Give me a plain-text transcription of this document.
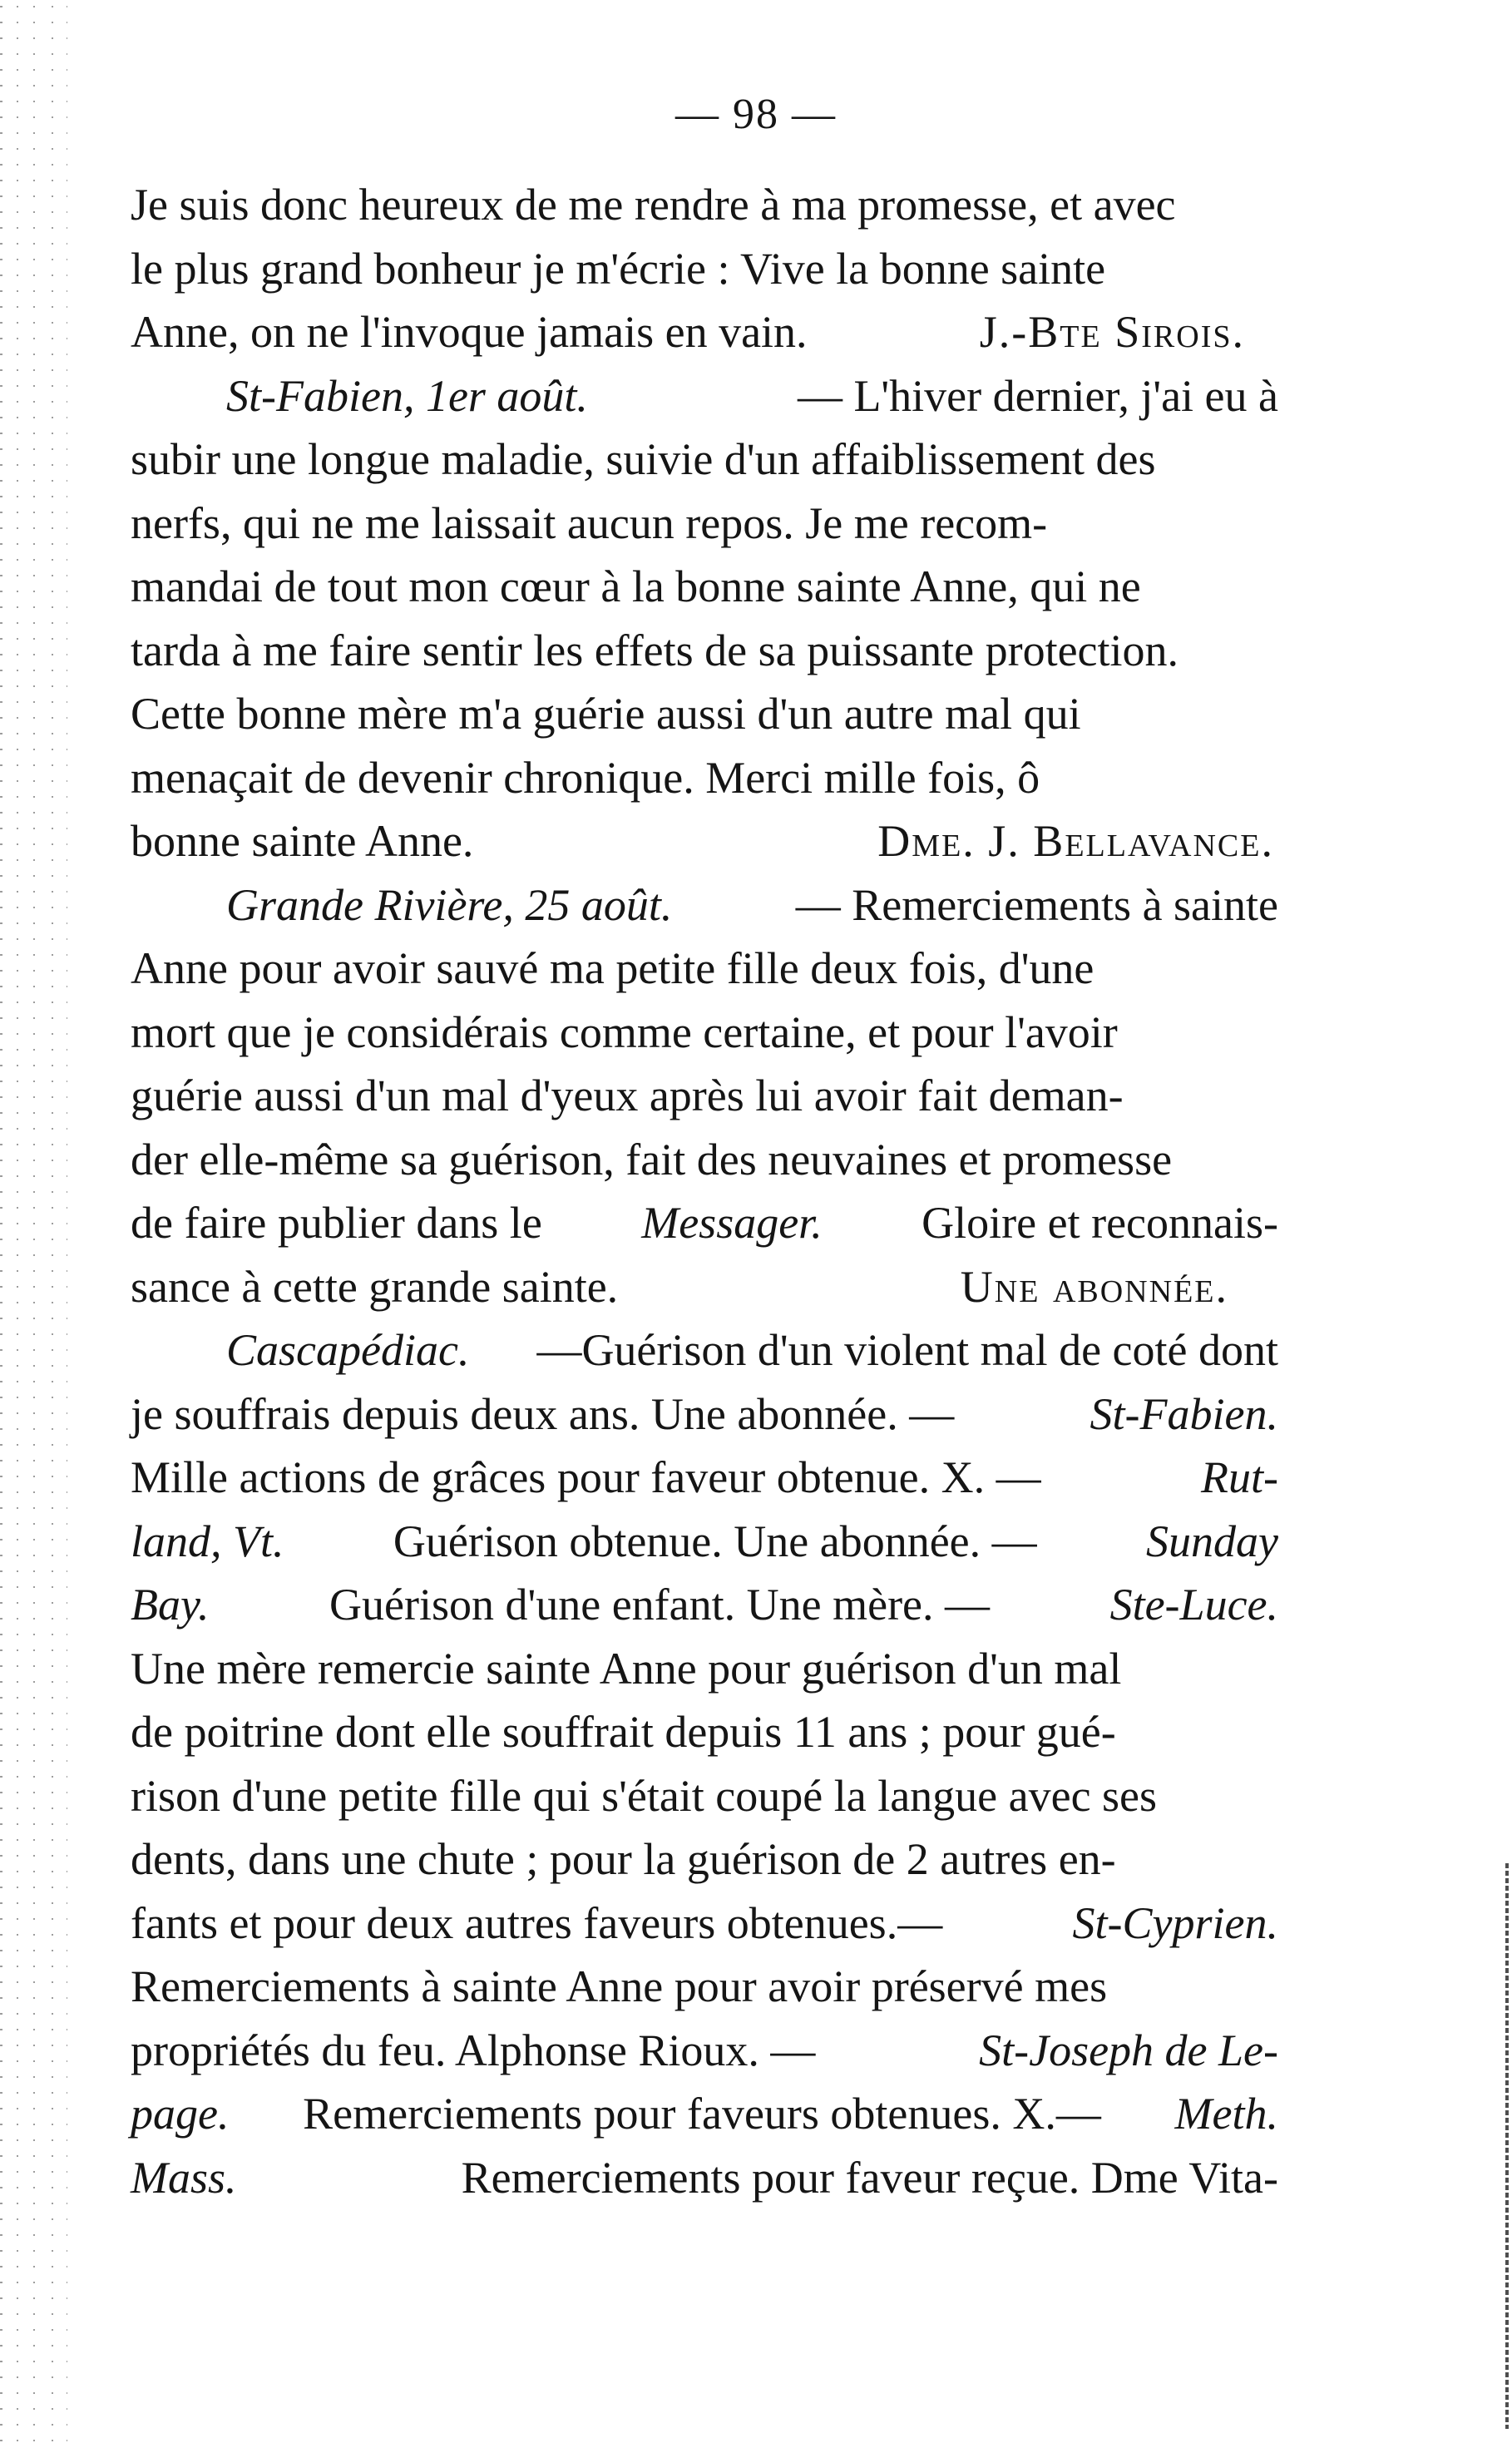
— 98 —
Je suis donc heureux de me rendre à ma promesse, et avec
le plus grand bonheur je m'écrie : Vive la bonne sainte
Anne, on ne l'invoque jamais en vain.	J.-Bte Sirois.
St-Fabien, 1er août.	— L'hiver dernier, j'ai eu à
subir une longue maladie, suivie d'un affaiblissement des
nerfs, qui ne me laissait aucun repos. Je me recom-
mandai de tout mon cœur à la bonne sainte Anne, qui ne
tarda à me faire sentir les effets de sa puissante protection.
Cette bonne mère m'a guérie aussi d'un autre mal qui
menaçait de devenir chronique. Merci mille fois, ô
bonne sainte Anne.	Dme. J. Bellavance.
Grande Rivière, 25 août.	— Remerciements à sainte
Anne pour avoir sauvé ma petite fille deux fois, d'une
mort que je considérais comme certaine, et pour l'avoir
guérie aussi d'un mal d'yeux après lui avoir fait deman-
der elle-même sa guérison, fait des neuvaines et promesse
de faire publier dans le Messager. Gloire et reconnais-
sance à cette grande sainte.	Une abonnée.
Cascapédiac. —Guérison d'un violent mal de coté dont
je souffrais depuis deux ans. Une abonnée. —	St-Fabien.
Mille actions de grâces pour faveur obtenue. X. —	Rut-
land, Vt. Guérison obtenue. Une abonnée. — Sunday
Bay.	Guérison d'une enfant. Une mère. —	Ste-Luce.
Une mère remercie sainte Anne pour guérison d'un mal
de poitrine dont elle souffrait depuis 11 ans ; pour gué-
rison d'une petite fille qui s'était coupé la langue avec ses
dents, dans une chute ; pour la guérison de 2 autres en-
fants et pour deux autres faveurs obtenues.—	St-Cyprien.
Remerciements à sainte Anne pour avoir préservé mes
propriétés du feu. Alphonse Rioux. —	St-Joseph de Le-
page. Remerciements pour faveurs obtenues. X.— Meth.
Mass.	Remerciements pour faveur reçue. Dme Vita-
